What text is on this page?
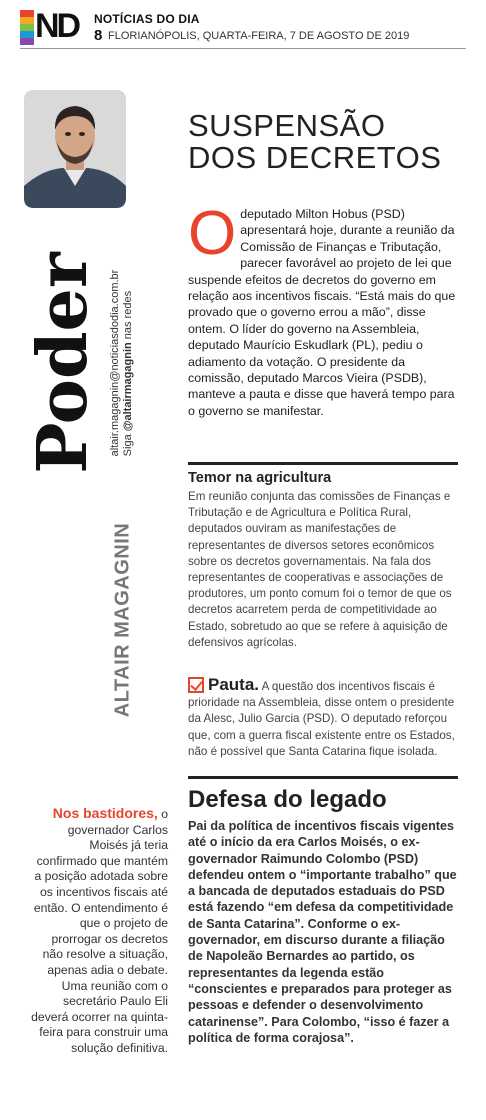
ND NOTÍCIAS DO DIA
8 FLORIANÓPOLIS, QUARTA-FEIRA, 7 DE AGOSTO DE 2019
Poder altair.magagnin@noticiasdodia.com.br Siga @altairmagagnin nas redes
ALTAIR MAGAGNIN
Nos bastidores, o governador Carlos Moisés já teria confirmado que mantém a posição adotada sobre os incentivos fiscais até então. O entendimento é que o projeto de prorrogar os decretos não resolve a situação, apenas adia o debate. Uma reunião com o secretário Paulo Eli deverá ocorrer na quinta-feira para construir uma solução definitiva.
SUSPENSÃO
DOS DECRETOS
O deputado Milton Hobus (PSD) apresentará hoje, durante a reunião da Comissão de Finanças e Tributação, parecer favorável ao projeto de lei que suspende efeitos de decretos do governo em relação aos incentivos fiscais. “Está mais do que provado que o governo errou a mão”, disse ontem. O líder do governo na Assembleia, deputado Maurício Eskudlark (PL), pediu o adiamento da votação. O presidente da comissão, deputado Marcos Vieira (PSDB), manteve a pauta e disse que haverá tempo para o governo se manifestar.
Temor na agricultura
Em reunião conjunta das comissões de Finanças e Tributação e de Agricultura e Política Rural, deputados ouviram as manifestações de representantes de diversos setores econômicos sobre os decretos governamentais. Na fala dos representantes de cooperativas e associações de produtores, um ponto comum foi o temor de que os decretos acarretem perda de competitividade ao Estado, sobretudo ao que se refere à aquisição de defensivos agrícolas.
Pauta. A questão dos incentivos fiscais é prioridade na Assembleia, disse ontem o presidente da Alesc, Julio Garcia (PSD). O deputado reforçou que, com a guerra fiscal existente entre os Estados, não é possível que Santa Catarina fique isolada.
Defesa do legado
Pai da política de incentivos fiscais vigentes até o início da era Carlos Moisés, o ex-governador Raimundo Colombo (PSD) defendeu ontem o “importante trabalho” que a bancada de deputados estaduais do PSD está fazendo “em defesa da competitividade de Santa Catarina”. Conforme o ex-governador, em discurso durante a filiação de Napoleão Bernardes ao partido, os representantes da legenda estão “conscientes e preparados para proteger as pessoas e defender o desenvolvimento catarinense”. Para Colombo, “isso é fazer a política de forma corajosa”.
